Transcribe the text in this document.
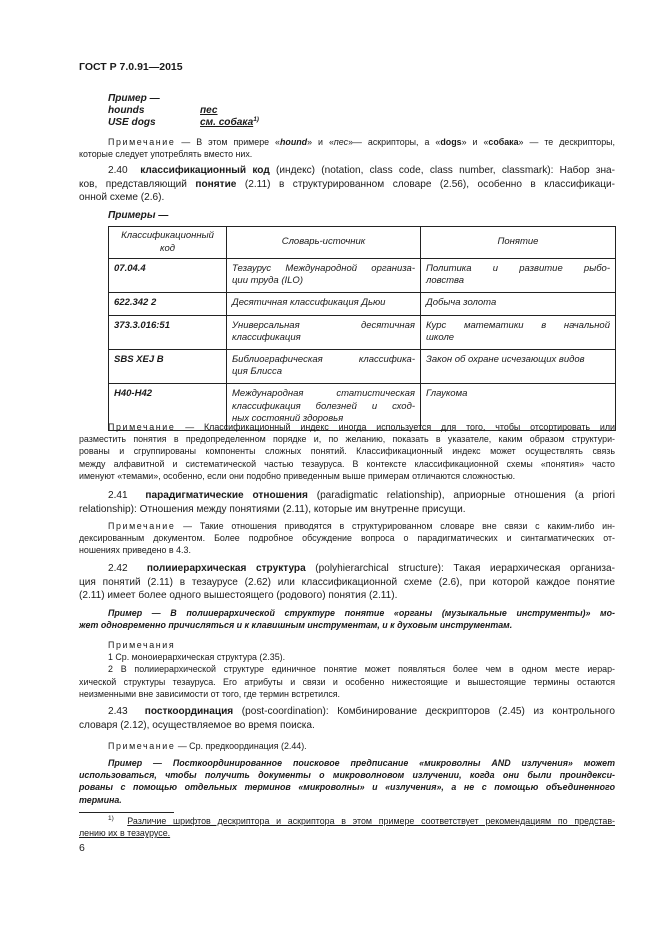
ГОСТ Р 7.0.91—2015
Пример —
hounds	пес
USE dogs	см. собака$^{1)}$
Примечание — В этом примере «hound» и «пес»— аскрипторы, а «dogs» и «собака» — те дескрипторы,
которые следует употреблять вместо них.
2.40 классификационный код (индекс) (notation, class code, class number, classmark): Набор зна-
ков, представляющий понятие (2.11) в структурированном словаре (2.56), особенно в классификаци-
онной схеме (2.6).
Примеры —
Классификационный код	Словарь-источник	Понятие
07.04.4	Тезаурус Международной организа-
ции труда (ILO)	Политика и развитие рыбо-
ловства

622.342 2	Десятичная классификация Дьюи	Добыча золота
373.3.016:51	Универсальная десятичная
классификация	Курс математики в начальной
школе

SBS XEJ B	Библиографическая классифика-
ция Блисса	Закон об охране исчезающих видов
H40-H42	Международная статистическая
классификация болезней и сход-
ных состояний здоровья	Глаукома
Примечание — Классификационный индекс иногда используется для того, чтобы отсортировать или
разместить понятия в предопределенном порядке и, по желанию, показать в указателе, каким образом структури-
рованы и сгруппированы компоненты сложных понятий. Классификационный индекс может осуществлять связь
между алфавитной и систематической частью тезауруса. В контексте классификационной схемы «понятия» часто
именуют «темами», особенно, если они подобно приведенным выше примерам отличаются сложностью.
2.41 парадигматические отношения (paradigmatic relationship), априорные отношения (a priori
relationship): Отношения между понятиями (2.11), которые им внутренне присущи.
Примечание — Такие отношения приводятся в структурированном словаре вне связи с каким-либо ин-
дексированным документом. Более подробное обсуждение вопроса о парадигматических и синтагматических от-
ношениях приведено в 4.3.
2.42 полииерархическая структура (polyhierarchical structure): Такая иерархическая организа-
ция понятий (2.11) в тезаурусе (2.62) или классификационной схеме (2.6), при которой каждое понятие
(2.11) имеет более одного вышестоящего (родового) понятия (2.11).
Пример — В полииерархической структуре понятие «органы (музыкальные инструменты)» мо-
жет одновременно причисляться и к клавишным инструментам, и к духовым инструментам.
Примечания
1 Ср. моноиерархическая структура (2.35).
2 В полииерархической структуре единичное понятие может появляться более чем в одном месте иерар-
хической структуры тезауруса. Его атрибуты и связи и особенно нижестоящие и вышестоящие термины остаются
неизменными вне зависимости от того, где термин встретился.
2.43 посткоординация (post-coordination): Комбинирование дескрипторов (2.45) из контрольного
словаря (2.12), осуществляемое во время поиска.
Примечание — Ср. предкоординация (2.44).
Пример — Посткоординированное поисковое предписание «микроволны AND излучения» может
использоваться, чтобы получить документы о микроволновом излучении, когда они были проиндекси-
рованы с помощью отдельных терминов «микроволны» и «излучения», а не с помощью объединенного
термина.
$^{1)}$ Различие шрифтов дескриптора и аскриптора в этом примере соответствует рекомендациям по представ-
лению их в тезаурусе.
6
